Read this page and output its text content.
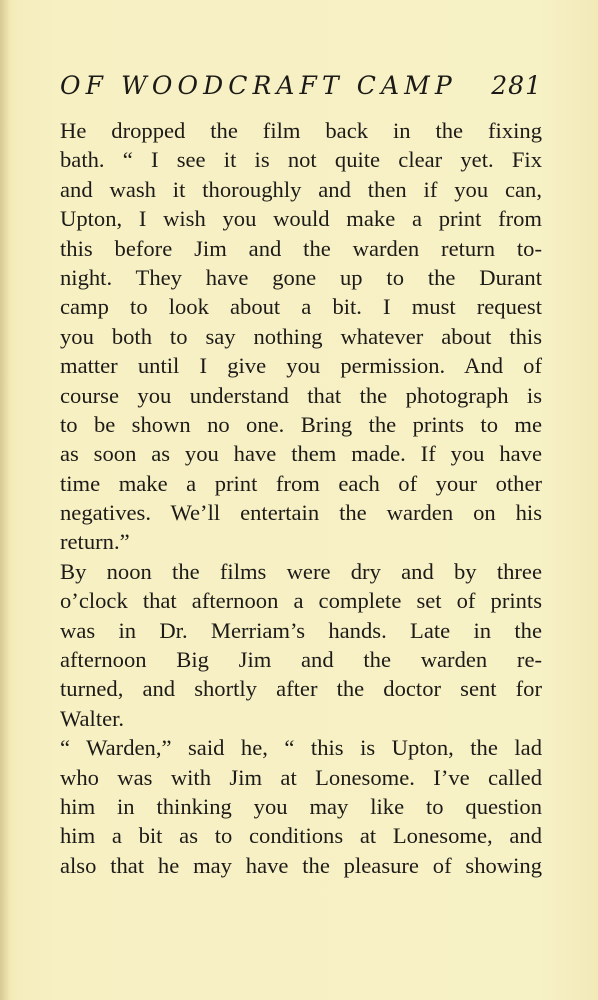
OF WOODCRAFT CAMP 281
He dropped the film back in the fixing
bath. “ I see it is not quite clear yet. Fix
and wash it thoroughly and then if you can,
Upton, I wish you would make a print from
this before Jim and the warden return to-
night. They have gone up to the Durant
camp to look about a bit. I must request
you both to say nothing whatever about this
matter until I give you permission. And of
course you understand that the photograph is
to be shown no one. Bring the prints to me
as soon as you have them made. If you have
time make a print from each of your other
negatives. We’ll entertain the warden on his
return.”
By noon the films were dry and by three
o’clock that afternoon a complete set of prints
was in Dr. Merriam’s hands. Late in the
afternoon Big Jim and the warden re-
turned, and shortly after the doctor sent for
Walter.
“ Warden,” said he, “ this is Upton, the lad
who was with Jim at Lonesome. I’ve called
him in thinking you may like to question
him a bit as to conditions at Lonesome, and
also that he may have the pleasure of showing
